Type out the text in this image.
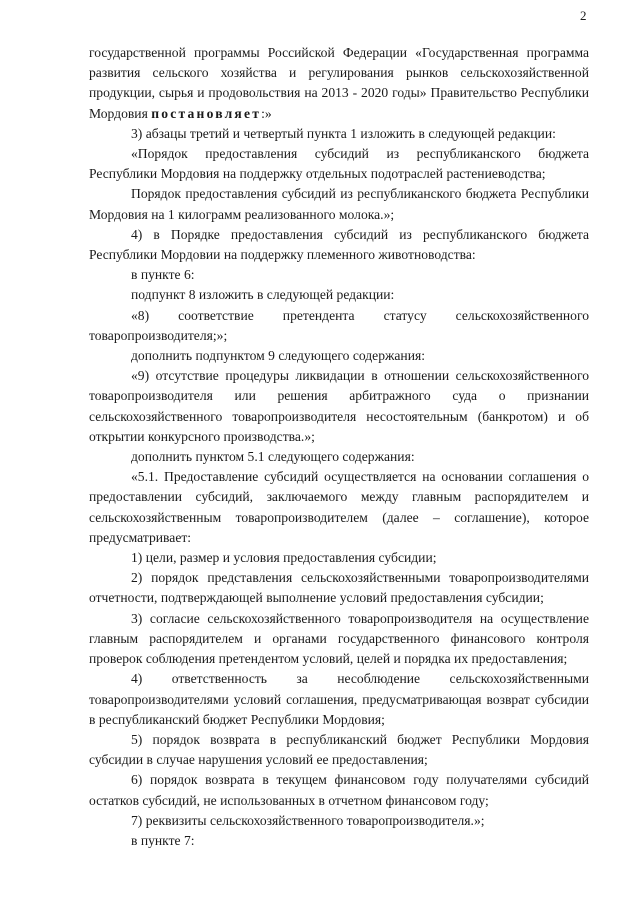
2

государственной программы Российской Федерации «Государственная программа развития сельского хозяйства и регулирования рынков сельскохозяйственной продукции, сырья и продовольствия на 2013 - 2020 годы» Правительство Республики Мордовия постановляет:»

3) абзацы третий и четвертый пункта 1 изложить в следующей редакции:

«Порядок предоставления субсидий из республиканского бюджета Республики Мордовия на поддержку отдельных подотраслей растениеводства;

Порядок предоставления субсидий из республиканского бюджета Республики Мордовия на 1 килограмм реализованного молока.»;

4) в Порядке предоставления субсидий из республиканского бюджета Республики Мордовии на поддержку племенного животноводства:

в пункте 6:

подпункт 8 изложить в следующей редакции:

«8) соответствие претендента статусу сельскохозяйственного товаропроизводителя;»;

дополнить подпунктом 9 следующего содержания:

«9) отсутствие процедуры ликвидации в отношении сельскохозяйственного товаропроизводителя или решения арбитражного суда о признании сельскохозяйственного товаропроизводителя несостоятельным (банкротом) и об открытии конкурсного производства.»;

дополнить пунктом 5.1 следующего содержания:

«5.1. Предоставление субсидий осуществляется на основании соглашения о предоставлении субсидий, заключаемого между главным распорядителем и сельскохозяйственным товаропроизводителем (далее – соглашение), которое предусматривает:

1) цели, размер и условия предоставления субсидии;

2) порядок представления сельскохозяйственными товаропроизводителями отчетности, подтверждающей выполнение условий предоставления субсидии;

3) согласие сельскохозяйственного товаропроизводителя на осуществление главным распорядителем и органами государственного финансового контроля проверок соблюдения претендентом условий, целей и порядка их предоставления;

4) ответственность за несоблюдение сельскохозяйственными товаропроизводителями условий соглашения, предусматривающая возврат субсидии в республиканский бюджет Республики Мордовия;

5) порядок возврата в республиканский бюджет Республики Мордовия субсидии в случае нарушения условий ее предоставления;

6) порядок возврата в текущем финансовом году получателями субсидий остатков субсидий, не использованных в отчетном финансовом году;

7) реквизиты сельскохозяйственного товаропроизводителя.»;

в пункте 7:
